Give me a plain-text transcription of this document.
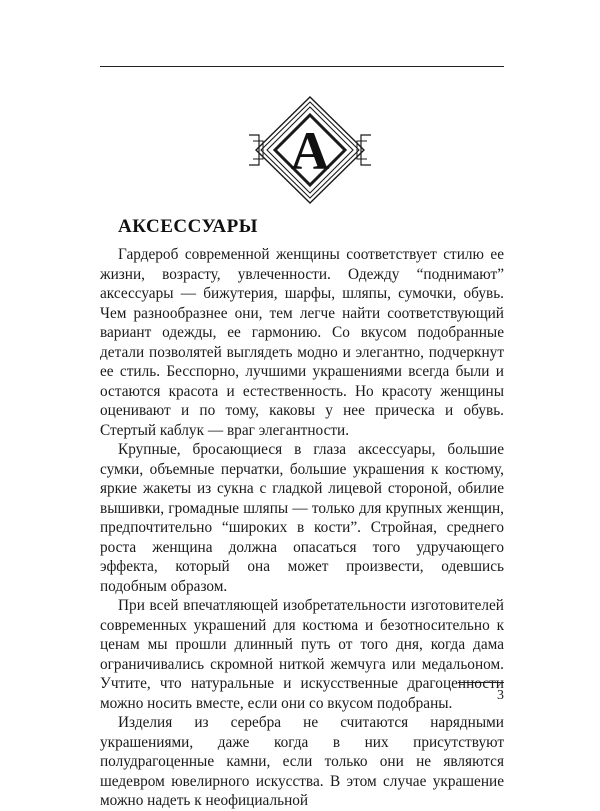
А
АКСЕССУАРЫ

Гардероб современной женщины соответствует стилю ее жизни, возрасту, увлеченности. Одежду “поднимают” аксессуары — бижутерия, шарфы, шляпы, сумочки, обувь. Чем разнообразнее они, тем легче найти соответствующий вариант одежды, ее гармонию. Со вкусом подобранные детали позволятей выглядеть модно и элегантно, подчеркнут ее стиль. Бесспорно, лучшими украшениями всегда были и остаются красота и естественность. Но красоту женщины оценивают и по тому, каковы у нее прическа и обувь. Стертый каблук — враг элегантности.

Крупные, бросающиеся в глаза аксессуары, большие сумки, объемные перчатки, большие украшения к костюму, яркие жакеты из сукна с гладкой лицевой стороной, обилие вышивки, громадные шляпы — только для крупных женщин, предпочтительно “широких в кости”. Стройная, среднего роста женщина должна опасаться того удручающего эффекта, который она может произвести, одевшись подобным образом.

При всей впечатляющей изобретательности изготовителей современных украшений для костюма и безотносительно к ценам мы прошли длинный путь от того дня, когда дама ограничивались скромной ниткой жемчуга или медальоном. Учтите, что натуральные и искусственные драгоценности можно носить вместе, если они со вкусом подобраны.

Изделия из серебра не считаются нарядными украшениями, даже когда в них присутствуют полудрагоценные камни, если только они не являются шедевром ювелирного искусства. В этом случае украшение можно надеть к неофициальной

3
